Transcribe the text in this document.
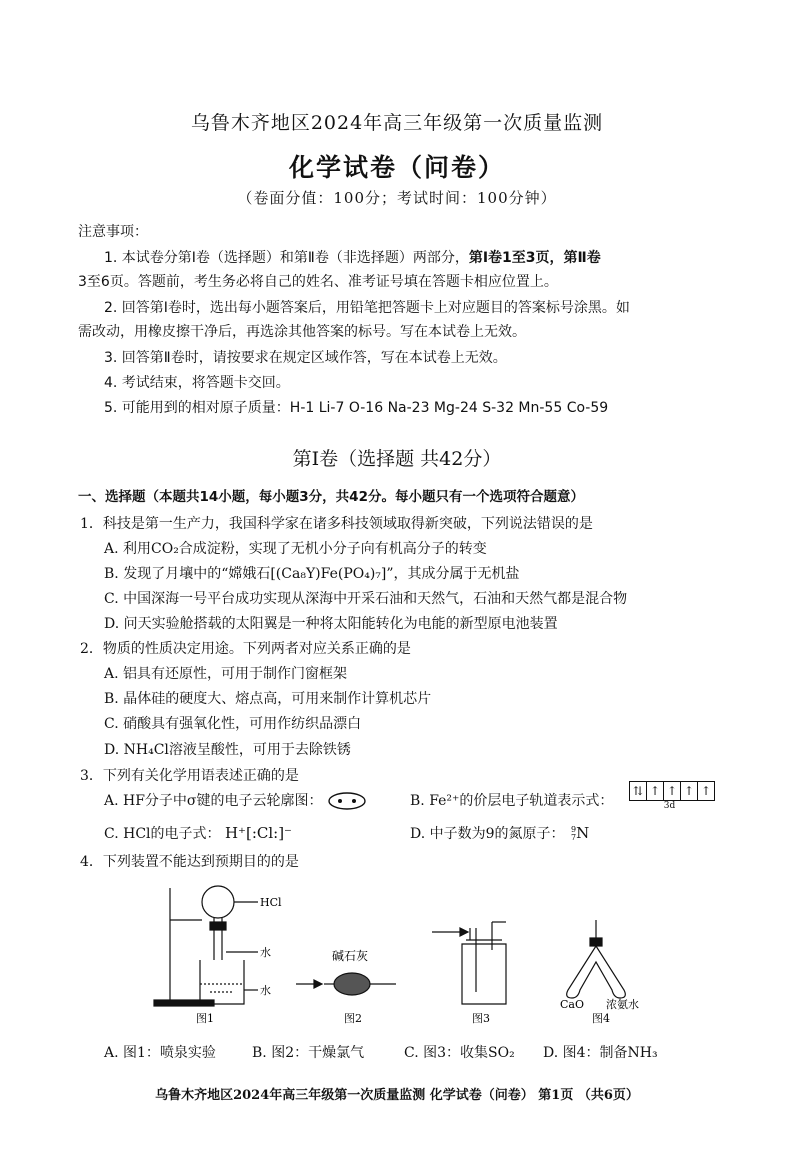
乌鲁木齐地区2024年高三年级第一次质量监测
化学试卷（问卷）
（卷面分值：100分；考试时间：100分钟）
注意事项：
1. 本试卷分第Ⅰ卷（选择题）和第Ⅱ卷（非选择题）两部分，第Ⅰ卷1至3页，第Ⅱ卷
3至6页。答题前，考生务必将自己的姓名、准考证号填在答题卡相应位置上。
2. 回答第Ⅰ卷时，选出每小题答案后，用铅笔把答题卡上对应题目的答案标号涂黑。如
需改动，用橡皮擦干净后，再选涂其他答案的标号。写在本试卷上无效。
3. 回答第Ⅱ卷时，请按要求在规定区域作答，写在本试卷上无效。
4. 考试结束，将答题卡交回。
5. 可能用到的相对原子质量：H-1 Li-7 O-16 Na-23 Mg-24 S-32 Mn-55 Co-59
第Ⅰ卷（选择题 共42分）
一、选择题（本题共14小题，每小题3分，共42分。每小题只有一个选项符合题意）
1．科技是第一生产力，我国科学家在诸多科技领域取得新突破，下列说法错误的是
A. 利用CO₂合成淀粉，实现了无机小分子向有机高分子的转变
B. 发现了月壤中的“嫦娥石[(Ca₈Y)Fe(PO₄)₇]”，其成分属于无机盐
C. 中国深海一号平台成功实现从深海中开采石油和天然气，石油和天然气都是混合物
D. 问天实验舱搭载的太阳翼是一种将太阳能转化为电能的新型原电池装置
2．物质的性质决定用途。下列两者对应关系正确的是
A. 铝具有还原性，可用于制作门窗框架
B. 晶体硅的硬度大、熔点高，可用来制作计算机芯片
C. 硝酸具有强氧化性，可用作纺织品漂白
D. NH₄Cl溶液呈酸性，可用于去除铁锈
3．下列有关化学用语表述正确的是
A. HF分子中σ键的电子云轮廓图：	B. Fe²⁺的价层电子轨道表示式：
⇅ ↑ ↑ ↑ ↑
3d
C. HCl的电子式： H⁺[:Cl:]⁻	D. 中子数为9的氮原子： 9
7 N
4．下列装置不能达到预期目的的是
HCl
水
水
图1
碱石灰
图2	图3
CaO 浓氨水
图4
A. 图1：喷泉实验	B. 图2：干燥氯气	C. 图3：收集SO₂ D. 图4：制备NH₃
乌鲁木齐地区2024年高三年级第一次质量监测 化学试卷（问卷） 第1页 （共6页）
